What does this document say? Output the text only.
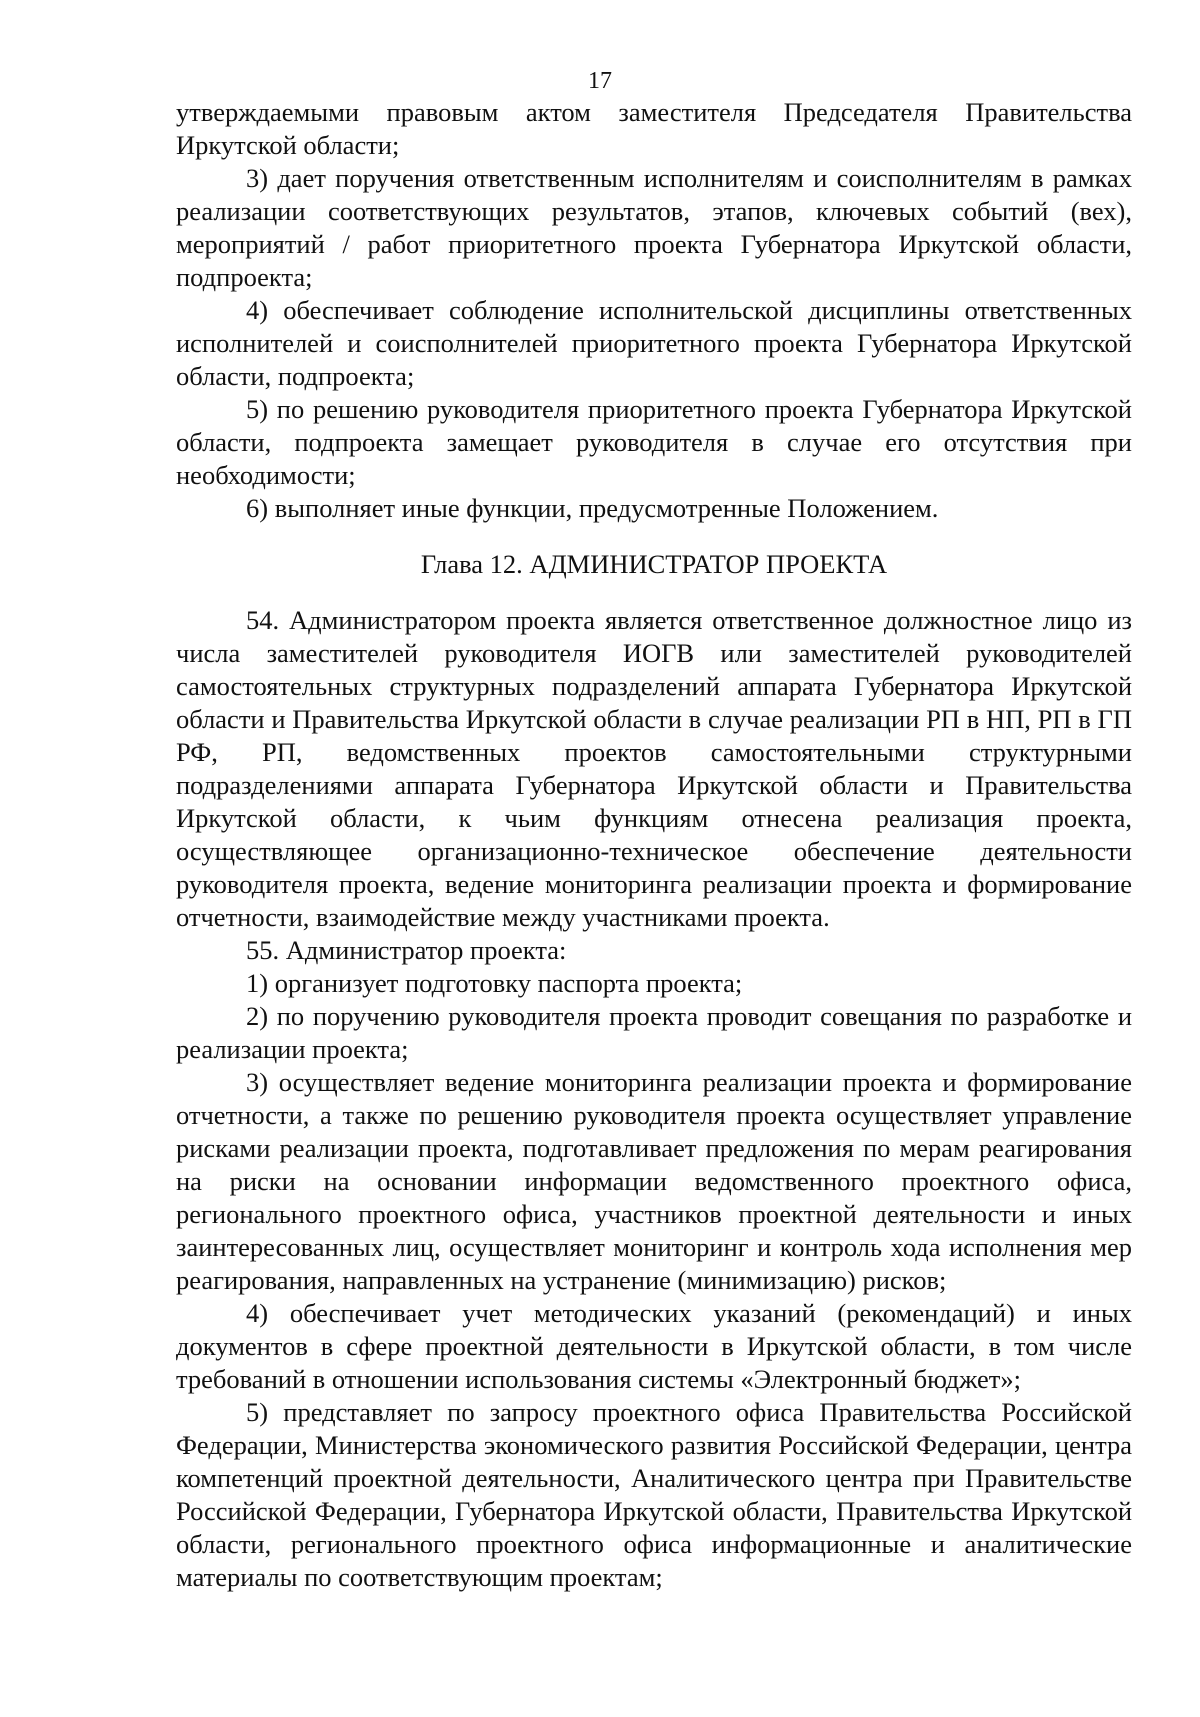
17

утверждаемыми правовым актом заместителя Председателя Правительства Иркутской области;

3) дает поручения ответственным исполнителям и соисполнителям в рамках реализации соответствующих результатов, этапов, ключевых событий (вех), мероприятий / работ приоритетного проекта Губернатора Иркутской области, подпроекта;

4) обеспечивает соблюдение исполнительской дисциплины ответственных исполнителей и соисполнителей приоритетного проекта Губернатора Иркутской области, подпроекта;

5) по решению руководителя приоритетного проекта Губернатора Иркутской области, подпроекта замещает руководителя в случае его отсутствия при необходимости;

6) выполняет иные функции, предусмотренные Положением.

Глава 12. АДМИНИСТРАТОР ПРОЕКТА

54. Администратором проекта является ответственное должностное лицо из числа заместителей руководителя ИОГВ или заместителей руководителей самостоятельных структурных подразделений аппарата Губернатора Иркутской области и Правительства Иркутской области в случае реализации РП в НП, РП в ГП РФ, РП, ведомственных проектов самостоятельными структурными подразделениями аппарата Губернатора Иркутской области и Правительства Иркутской области, к чьим функциям отнесена реализация проекта, осуществляющее организационно-техническое обеспечение деятельности руководителя проекта, ведение мониторинга реализации проекта и формирование отчетности, взаимодействие между участниками проекта.

55. Администратор проекта:

1) организует подготовку паспорта проекта;

2) по поручению руководителя проекта проводит совещания по разработке и реализации проекта;

3) осуществляет ведение мониторинга реализации проекта и формирование отчетности, а также по решению руководителя проекта осуществляет управление рисками реализации проекта, подготавливает предложения по мерам реагирования на риски на основании информации ведомственного проектного офиса, регионального проектного офиса, участников проектной деятельности и иных заинтересованных лиц, осуществляет мониторинг и контроль хода исполнения мер реагирования, направленных на устранение (минимизацию) рисков;

4) обеспечивает учет методических указаний (рекомендаций) и иных документов в сфере проектной деятельности в Иркутской области, в том числе требований в отношении использования системы «Электронный бюджет»;

5) представляет по запросу проектного офиса Правительства Российской Федерации, Министерства экономического развития Российской Федерации, центра компетенций проектной деятельности, Аналитического центра при Правительстве Российской Федерации, Губернатора Иркутской области, Правительства Иркутской области, регионального проектного офиса информационные и аналитические материалы по соответствующим проектам;
